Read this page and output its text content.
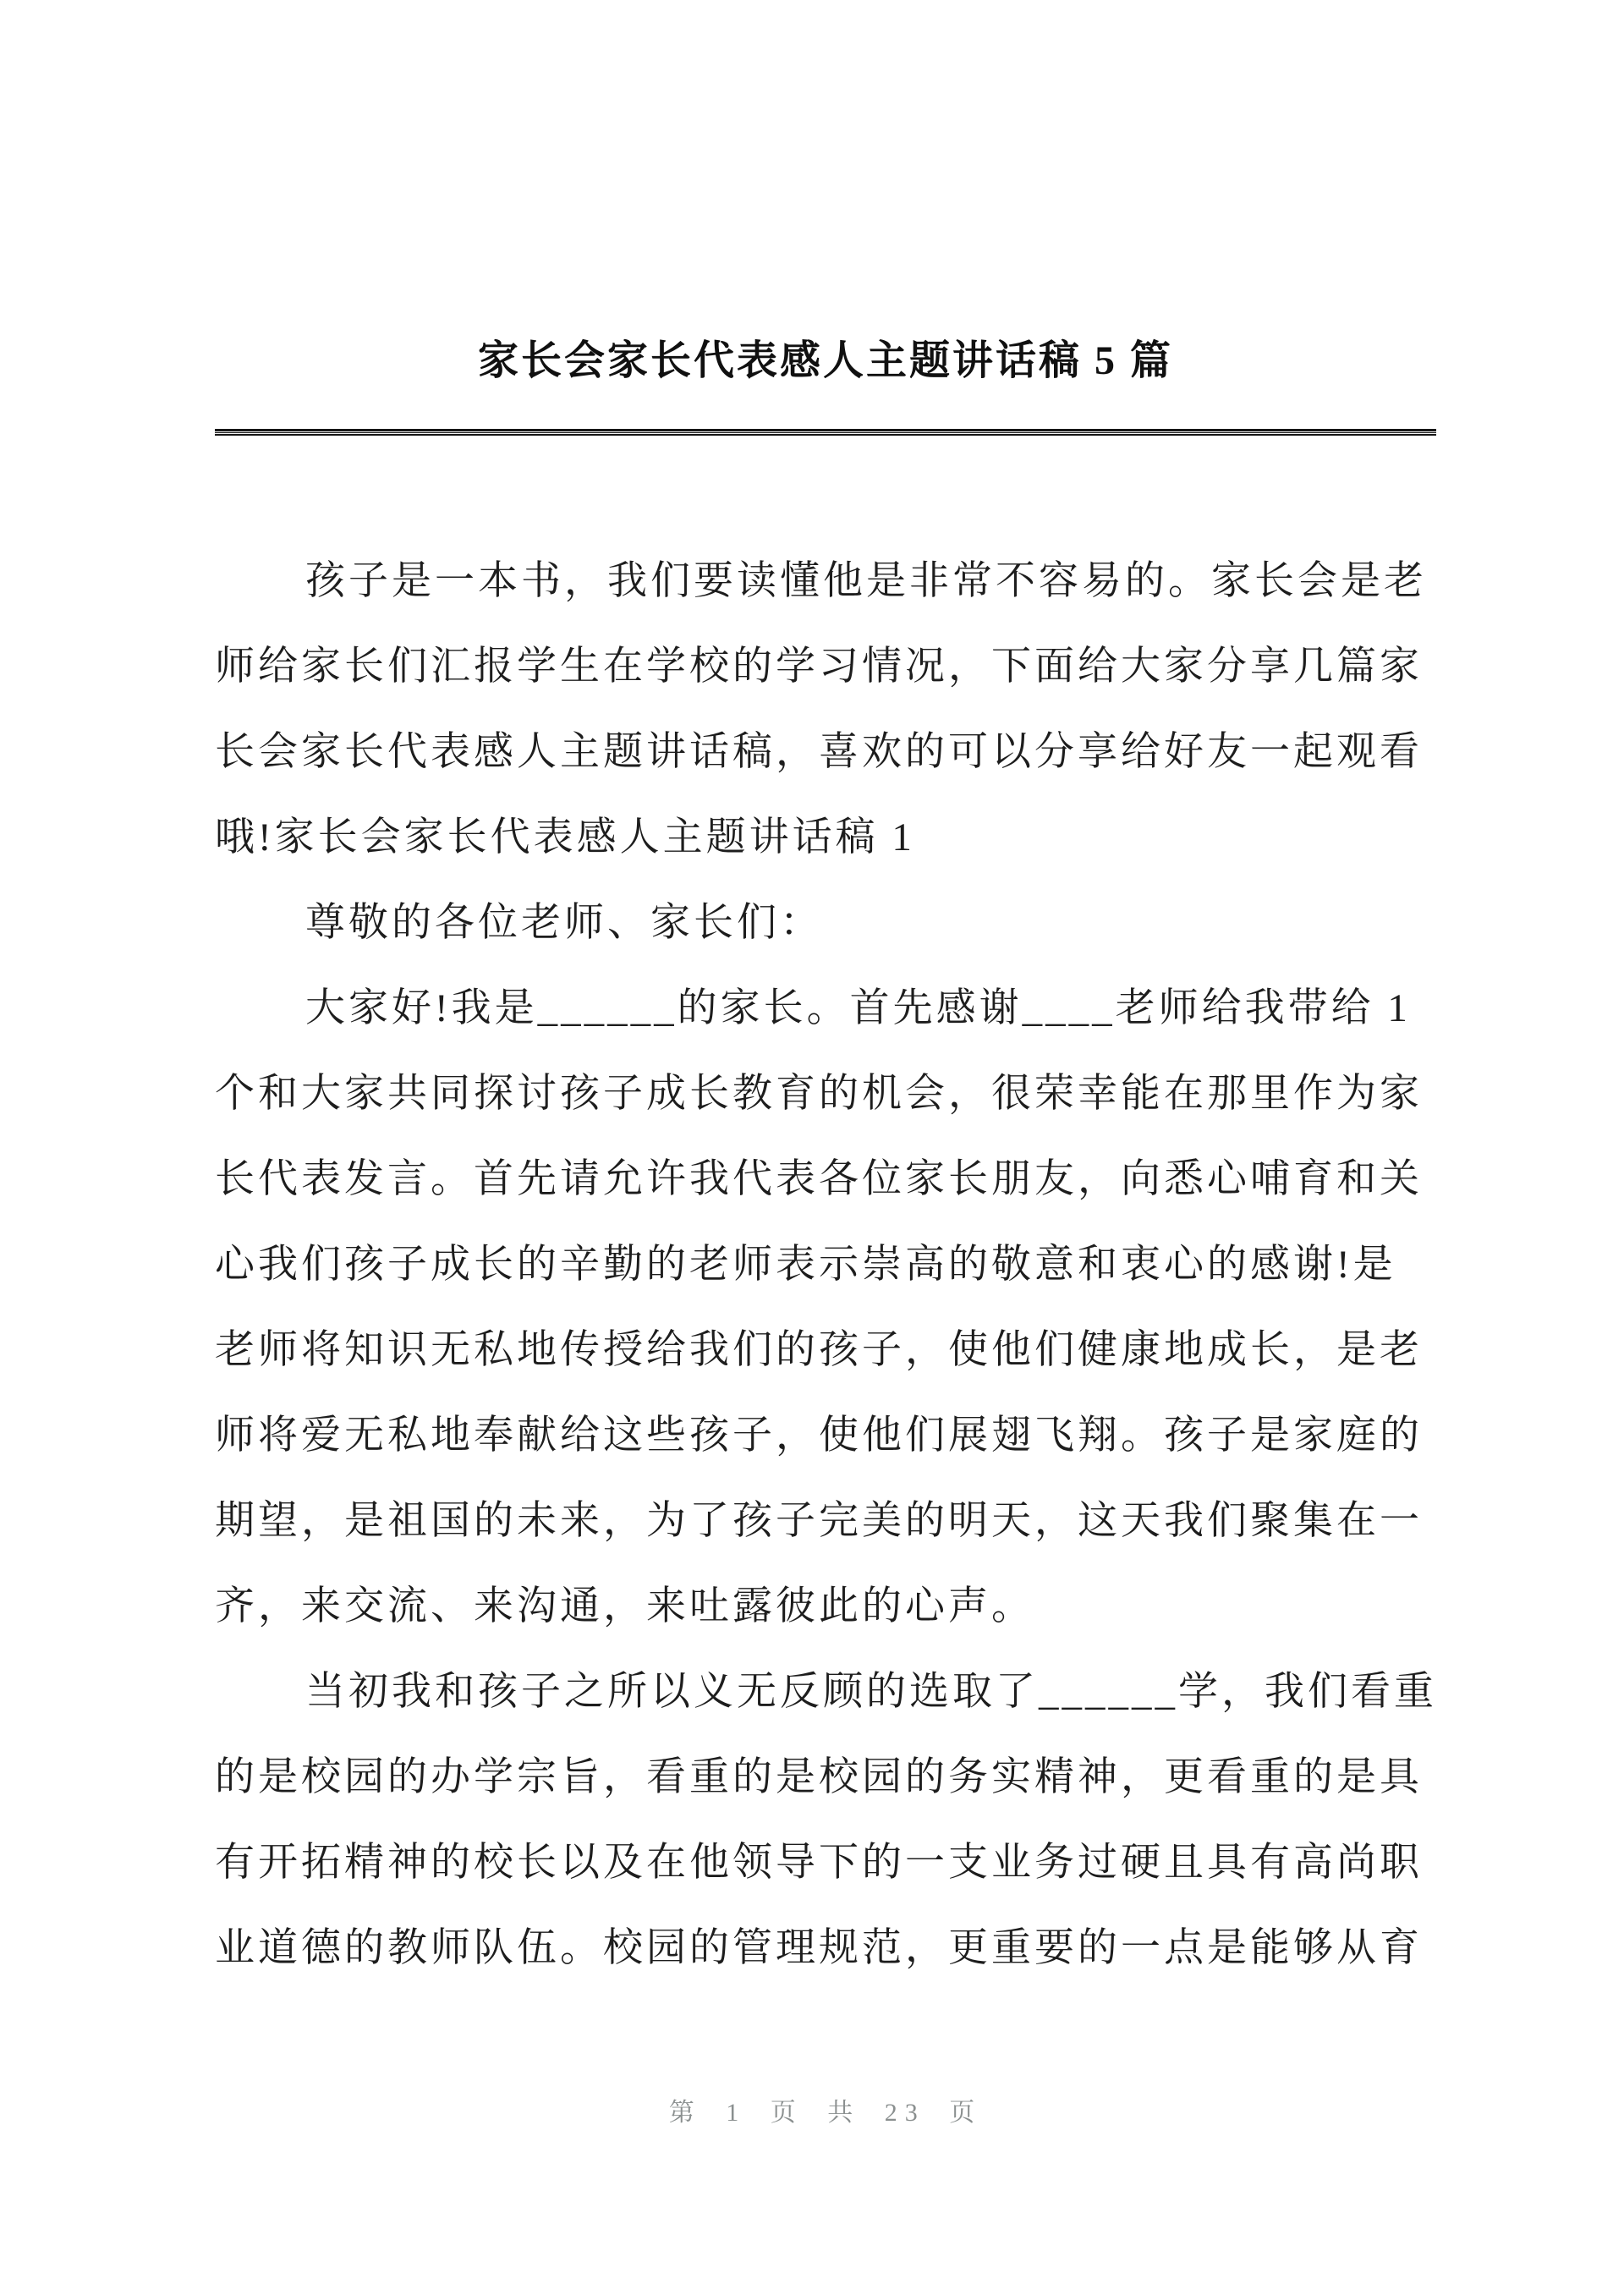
家长会家长代表感人主题讲话稿 5 篇
孩子是一本书，我们要读懂他是非常不容易的。家长会是老
师给家长们汇报学生在学校的学习情况，下面给大家分享几篇家
长会家长代表感人主题讲话稿，喜欢的可以分享给好友一起观看
哦!家长会家长代表感人主题讲话稿 1
尊敬的各位老师、家长们：
大家好!我是______的家长。首先感谢____老师给我带给 1
个和大家共同探讨孩子成长教育的机会，很荣幸能在那里作为家
长代表发言。首先请允许我代表各位家长朋友，向悉心哺育和关
心我们孩子成长的辛勤的老师表示崇高的敬意和衷心的感谢!是
老师将知识无私地传授给我们的孩子，使他们健康地成长，是老
师将爱无私地奉献给这些孩子，使他们展翅飞翔。孩子是家庭的
期望，是祖国的未来，为了孩子完美的明天，这天我们聚集在一
齐，来交流、来沟通，来吐露彼此的心声。
当初我和孩子之所以义无反顾的选取了______学，我们看重
的是校园的办学宗旨，看重的是校园的务实精神，更看重的是具
有开拓精神的校长以及在他领导下的一支业务过硬且具有高尚职
业道德的教师队伍。校园的管理规范，更重要的一点是能够从育
第 1 页 共 23 页
